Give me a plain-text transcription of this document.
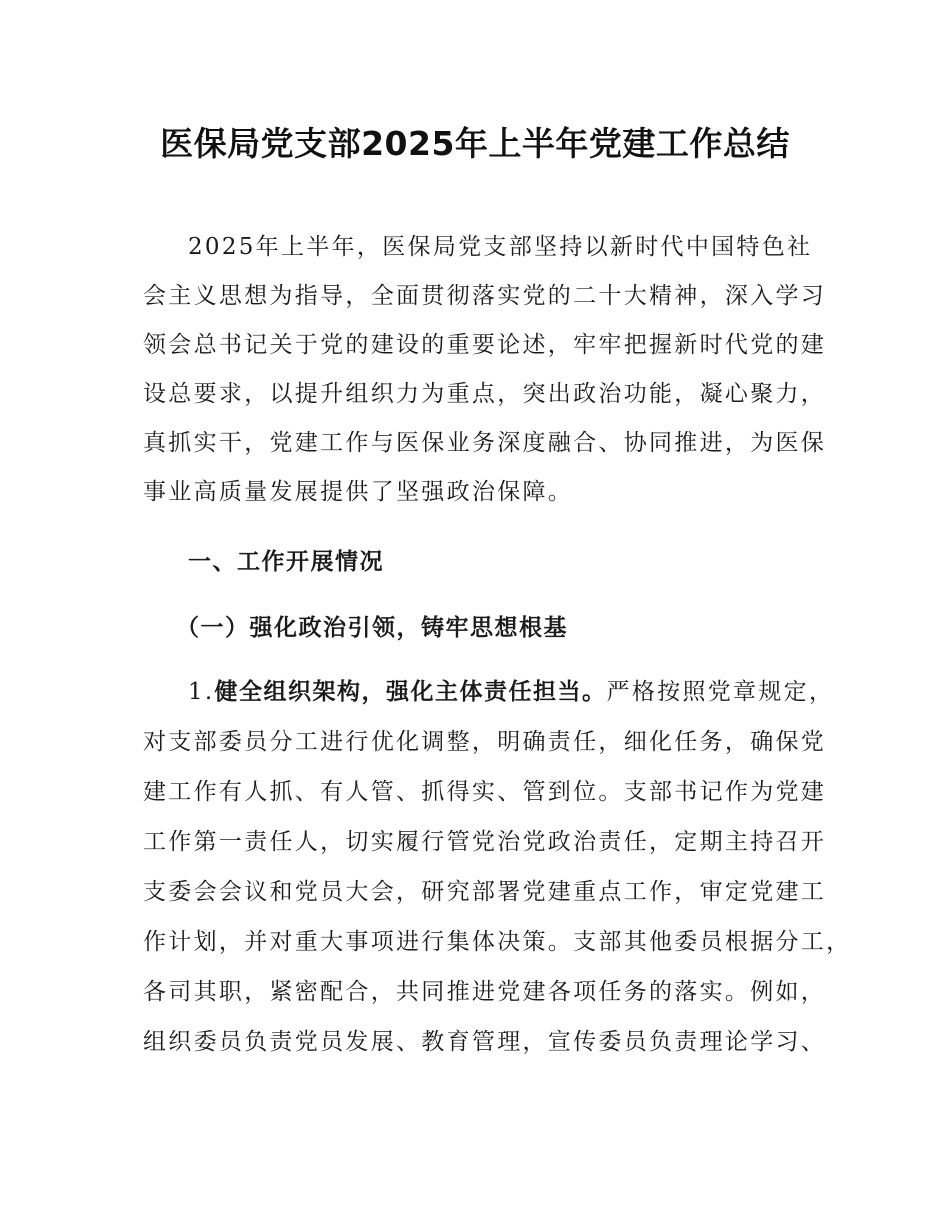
医保局党支部2025年上半年党建工作总结
2025年上半年，医保局党支部坚持以新时代中国特色社
会主义思想为指导，全面贯彻落实党的二十大精神，深入学习
领会总书记关于党的建设的重要论述，牢牢把握新时代党的建
设总要求，以提升组织力为重点，突出政治功能，凝心聚力，
真抓实干，党建工作与医保业务深度融合、协同推进，为医保
事业高质量发展提供了坚强政治保障。
一、工作开展情况
（一）强化政治引领，铸牢思想根基
1.健全组织架构，强化主体责任担当。严格按照党章规定，
对支部委员分工进行优化调整，明确责任，细化任务，确保党
建工作有人抓、有人管、抓得实、管到位。支部书记作为党建
工作第一责任人，切实履行管党治党政治责任，定期主持召开
支委会会议和党员大会，研究部署党建重点工作，审定党建工
作计划，并对重大事项进行集体决策。支部其他委员根据分工，
各司其职，紧密配合，共同推进党建各项任务的落实。例如，
组织委员负责党员发展、教育管理，宣传委员负责理论学习、
